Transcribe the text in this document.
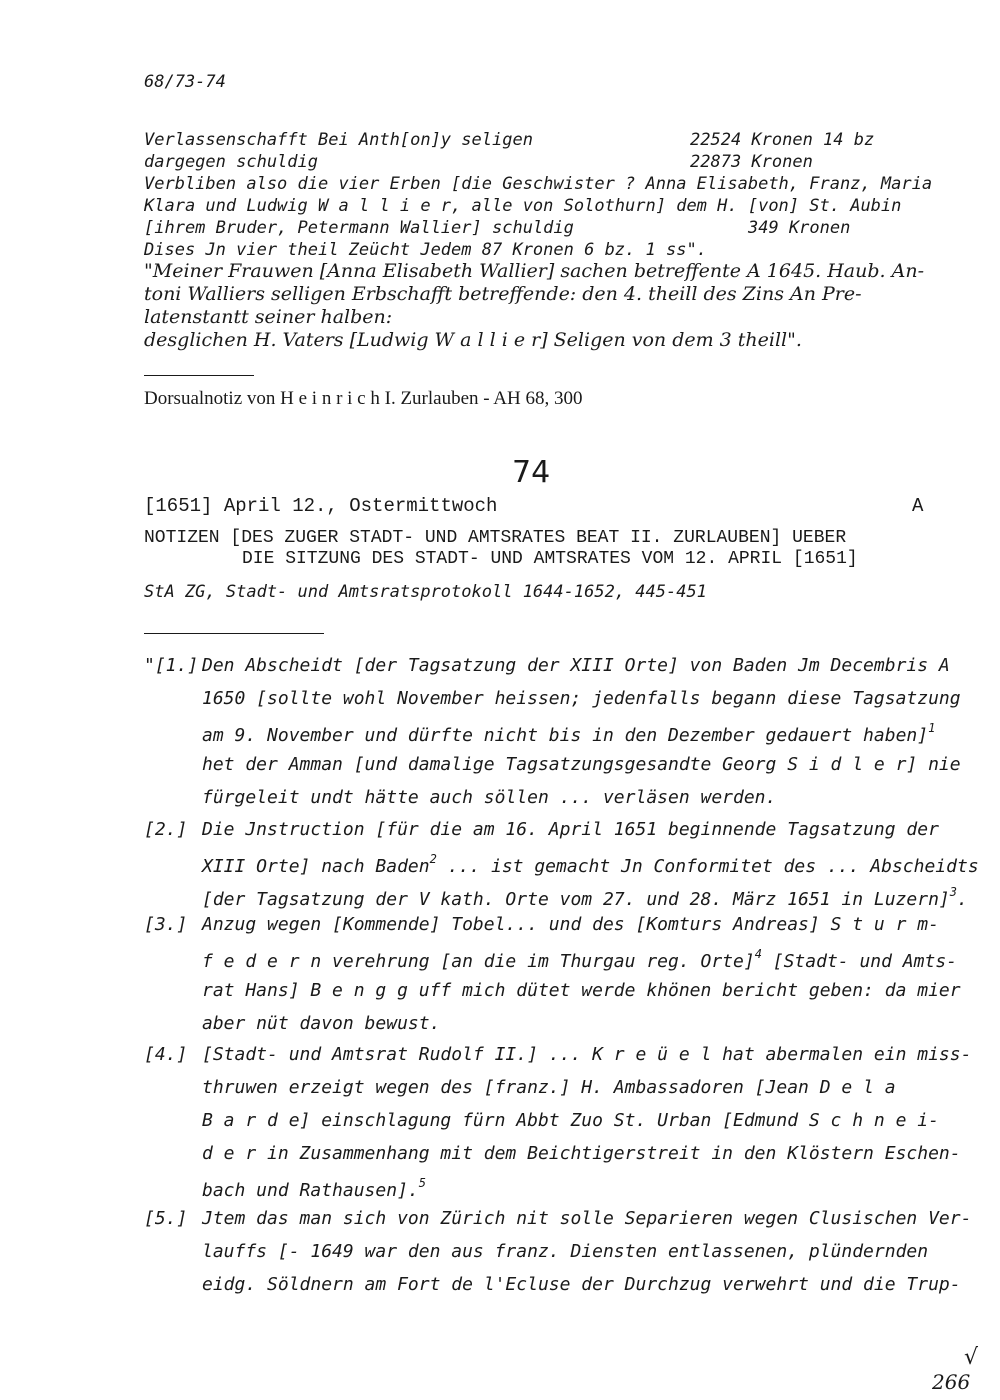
68/73-74
Verlassenschafft Bei Anth[on]y seligen	22524 Kronen 14 bz
dargegen schuldig	22873 Kronen
Verbliben also die vier Erben [die Geschwister ? Anna Elisabeth, Franz, Maria
Klara und Ludwig W a l l i e r, alle von Solothurn] dem H. [von] St. Aubin
[ihrem Bruder, Petermann Wallier] schuldig	349 Kronen
Dises Jn vier theil Zeücht Jedem 87 Kronen 6 bz. 1 ss".
"Meiner Frauwen [Anna Elisabeth Wallier] sachen betreffente A 1645. Haub. An-
toni Walliers selligen Erbschafft betreffende: den 4. theill des Zins An Pre-
latenstantt seiner halben:
desglichen H. Vaters [Ludwig W a l l i e r] Seligen von dem 3 theill".
Dorsualnotiz von H e i n r i c h I. Zurlauben - AH 68, 300
74
[1651] April 12., Ostermittwoch	A
NOTIZEN [DES ZUGER STADT- UND AMTSRATES BEAT II. ZURLAUBEN] UEBER
DIE SITZUNG DES STADT- UND AMTSRATES VOM 12. APRIL [1651]
StA ZG, Stadt- und Amtsratsprotokoll 1644-1652, 445-451
"[1.] Den Abscheidt [der Tagsatzung der XIII Orte] von Baden Jm Decembris A
1650 [sollte wohl November heissen; jedenfalls begann diese Tagsatzung
am 9. November und dürfte nicht bis in den Dezember gedauert haben]$^1$
het der Amman [und damalige Tagsatzungsgesandte Georg S i d l e r] nie
fürgeleit undt hätte auch söllen ... verläsen werden.
[2.] Die Jnstruction [für die am 16. April 1651 beginnende Tagsatzung der
XIII Orte] nach Baden$^2$ ... ist gemacht Jn Conformitet des ... Abscheidts
[der Tagsatzung der V kath. Orte vom 27. und 28. März 1651 in Luzern]$^3$.
[3.] Anzug wegen [Kommende] Tobel... und des [Komturs Andreas] S t u r m-
f e d e r n verehrung [an die im Thurgau reg. Orte]$^4$ [Stadt- und Amts-
rat Hans] B e n g g uff mich dütet werde khönen bericht geben: da mier
aber nüt davon bewust.
[4.] [Stadt- und Amtsrat Rudolf II.] ... K r e ü e l hat abermalen ein miss-
thruwen erzeigt wegen des [franz.] H. Ambassadoren [Jean D e l a
B a r d e] einschlagung fürn Abbt Zuo St. Urban [Edmund S c h n e i-
d e r in Zusammenhang mit dem Beichtigerstreit in den Klöstern Eschen-
bach und Rathausen].$^5$
[5.] Jtem das man sich von Zürich nit solle Separieren wegen Clusischen Ver-
lauffs [- 1649 war den aus franz. Diensten entlassenen, plündernden
eidg. Söldnern am Fort de l'Ecluse der Durchzug verwehrt und die Trup-
√
266
